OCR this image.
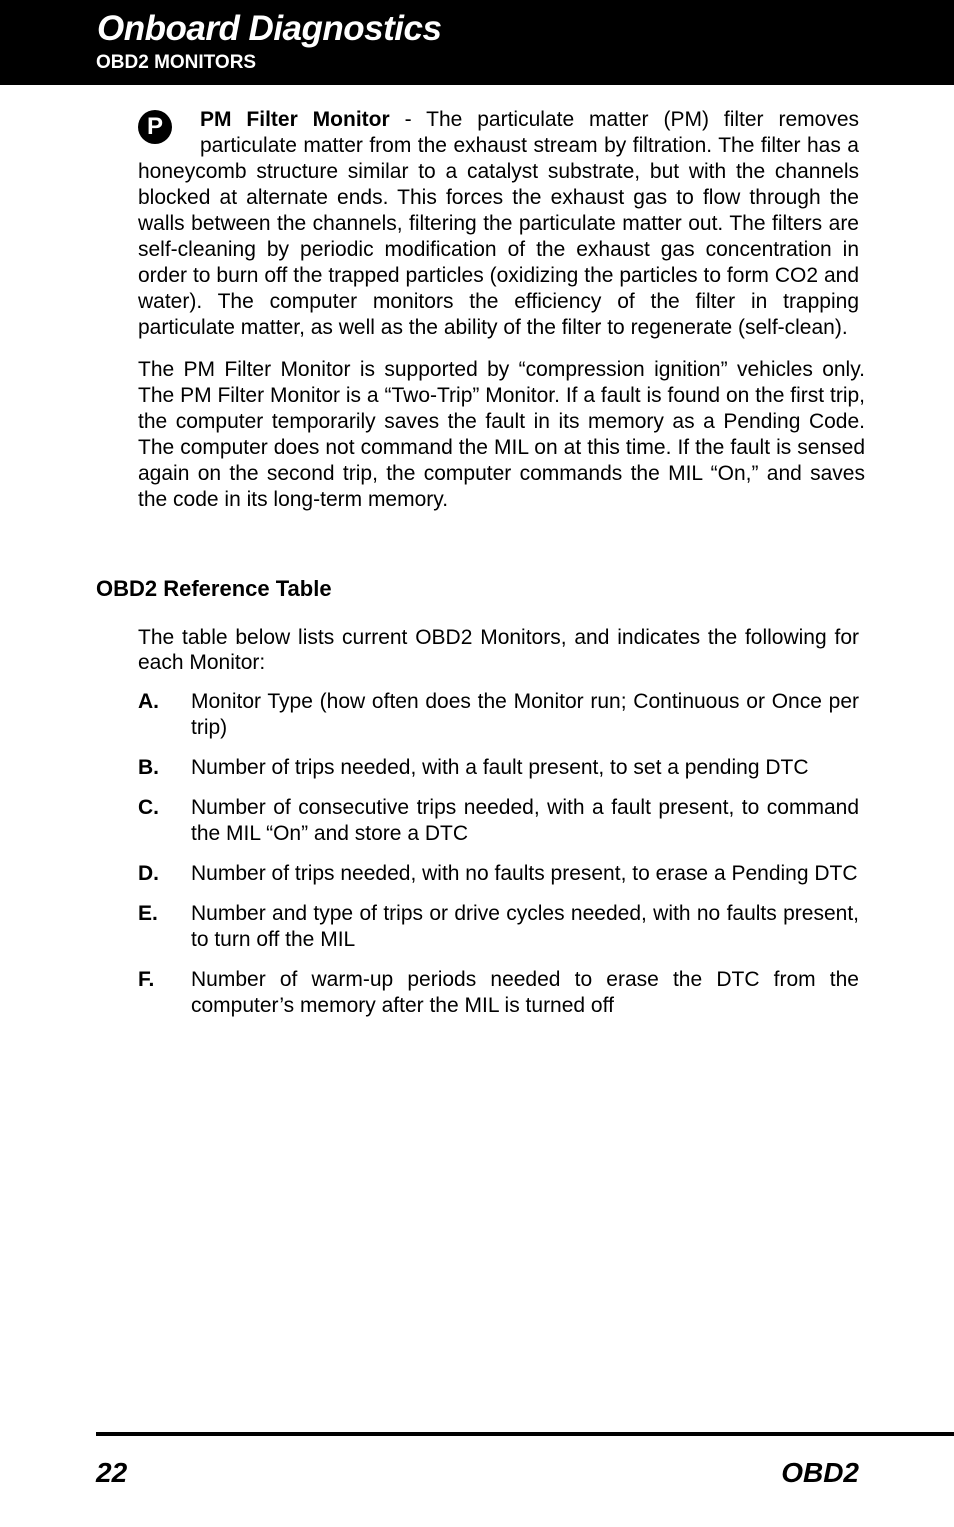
Onboard Diagnostics
OBD2 MONITORS

P	PM Filter Monitor - The particulate matter (PM) filter removes particulate matter from the exhaust stream by filtration. The filter has a honeycomb structure similar to a catalyst substrate, but with the channels blocked at alternate ends. This forces the exhaust gas to flow through the walls between the channels, filtering the particulate matter out. The filters are self-cleaning by periodic modification of the exhaust gas concentration in order to burn off the trapped particles (oxidizing the particles to form CO2 and water). The computer monitors the efficiency of the filter in trapping particulate matter, as well as the ability of the filter to regenerate (self-clean).

The PM Filter Monitor is supported by “compression ignition” vehicles only. The PM Filter Monitor is a “Two-Trip” Monitor. If a fault is found on the first trip, the computer temporarily saves the fault in its memory as a Pending Code. The computer does not command the MIL on at this time. If the fault is sensed again on the second trip, the computer commands the MIL “On,” and saves the code in its long-term memory.

OBD2 Reference Table
The table below lists current OBD2 Monitors, and indicates the following for each Monitor:
A.	Monitor Type (how often does the Monitor run; Continuous or Once per trip)
B.	Number of trips needed, with a fault present, to set a pending DTC
C.	Number of consecutive trips needed, with a fault present, to command the MIL “On” and store a DTC
D.	Number of trips needed, with no faults present, to erase a Pending DTC
E.	Number and type of trips or drive cycles needed, with no faults present, to turn off the MIL
F.	Number of warm-up periods needed to erase the DTC from the computer’s memory after the MIL is turned off
22	OBD2
